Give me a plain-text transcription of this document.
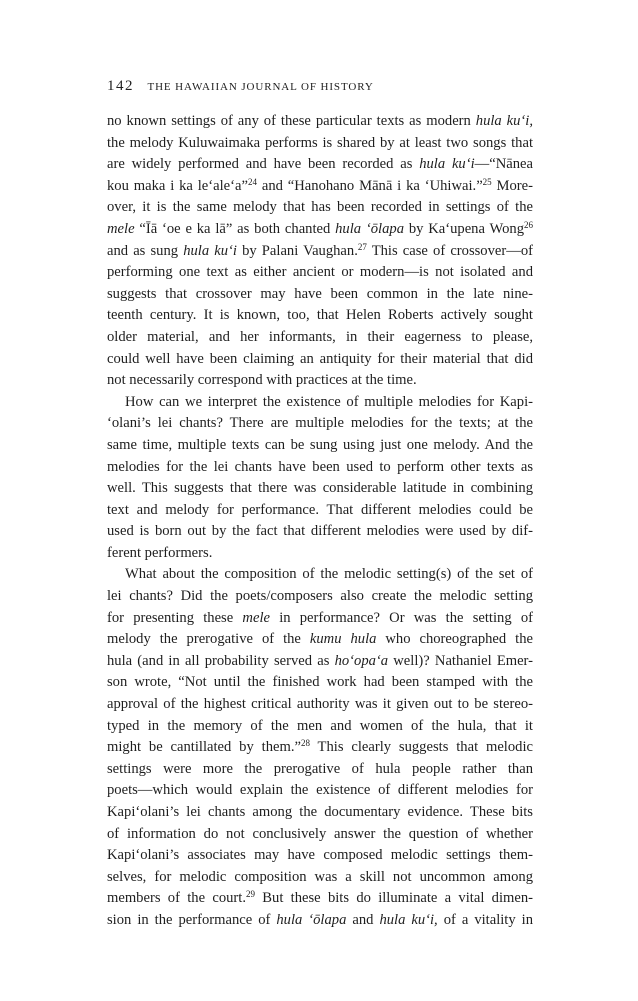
142 THE HAWAIIAN JOURNAL OF HISTORY
no known settings of any of these particular texts as modern hula ku‘i,
the melody Kuluwaimaka performs is shared by at least two songs that
are widely performed and have been recorded as hula ku‘i—“Nānea
kou maka i ka le‘ale‘a”$^{24}$ and “Hanohano Mānā i ka ‘Uhiwai.”$^{25}$ More-
over, it is the same melody that has been recorded in settings of the
mele “Īā ‘oe e ka lā” as both chanted hula ‘ōlapa by Ka‘upena Wong$^{26}$
and as sung hula ku‘i by Palani Vaughan.$^{27}$ This case of crossover—of
performing one text as either ancient or modern—is not isolated and
suggests that crossover may have been common in the late nine-
teenth century. It is known, too, that Helen Roberts actively sought
older material, and her informants, in their eagerness to please,
could well have been claiming an antiquity for their material that did
not necessarily correspond with practices at the time.
How can we interpret the existence of multiple melodies for Kapi-
‘olani’s lei chants? There are multiple melodies for the texts; at the
same time, multiple texts can be sung using just one melody. And the
melodies for the lei chants have been used to perform other texts as
well. This suggests that there was considerable latitude in combining
text and melody for performance. That different melodies could be
used is born out by the fact that different melodies were used by dif-
ferent performers.
What about the composition of the melodic setting(s) of the set of
lei chants? Did the poets/composers also create the melodic setting
for presenting these mele in performance? Or was the setting of
melody the prerogative of the kumu hula who choreographed the
hula (and in all probability served as ho‘opa‘a well)? Nathaniel Emer-
son wrote, “Not until the finished work had been stamped with the
approval of the highest critical authority was it given out to be stereo-
typed in the memory of the men and women of the hula, that it
might be cantillated by them.”$^{28}$ This clearly suggests that melodic
settings were more the prerogative of hula people rather than
poets—which would explain the existence of different melodies for
Kapi‘olani’s lei chants among the documentary evidence. These bits
of information do not conclusively answer the question of whether
Kapi‘olani’s associates may have composed melodic settings them-
selves, for melodic composition was a skill not uncommon among
members of the court.$^{29}$ But these bits do illuminate a vital dimen-
sion in the performance of hula ‘ōlapa and hula ku‘i, of a vitality in
